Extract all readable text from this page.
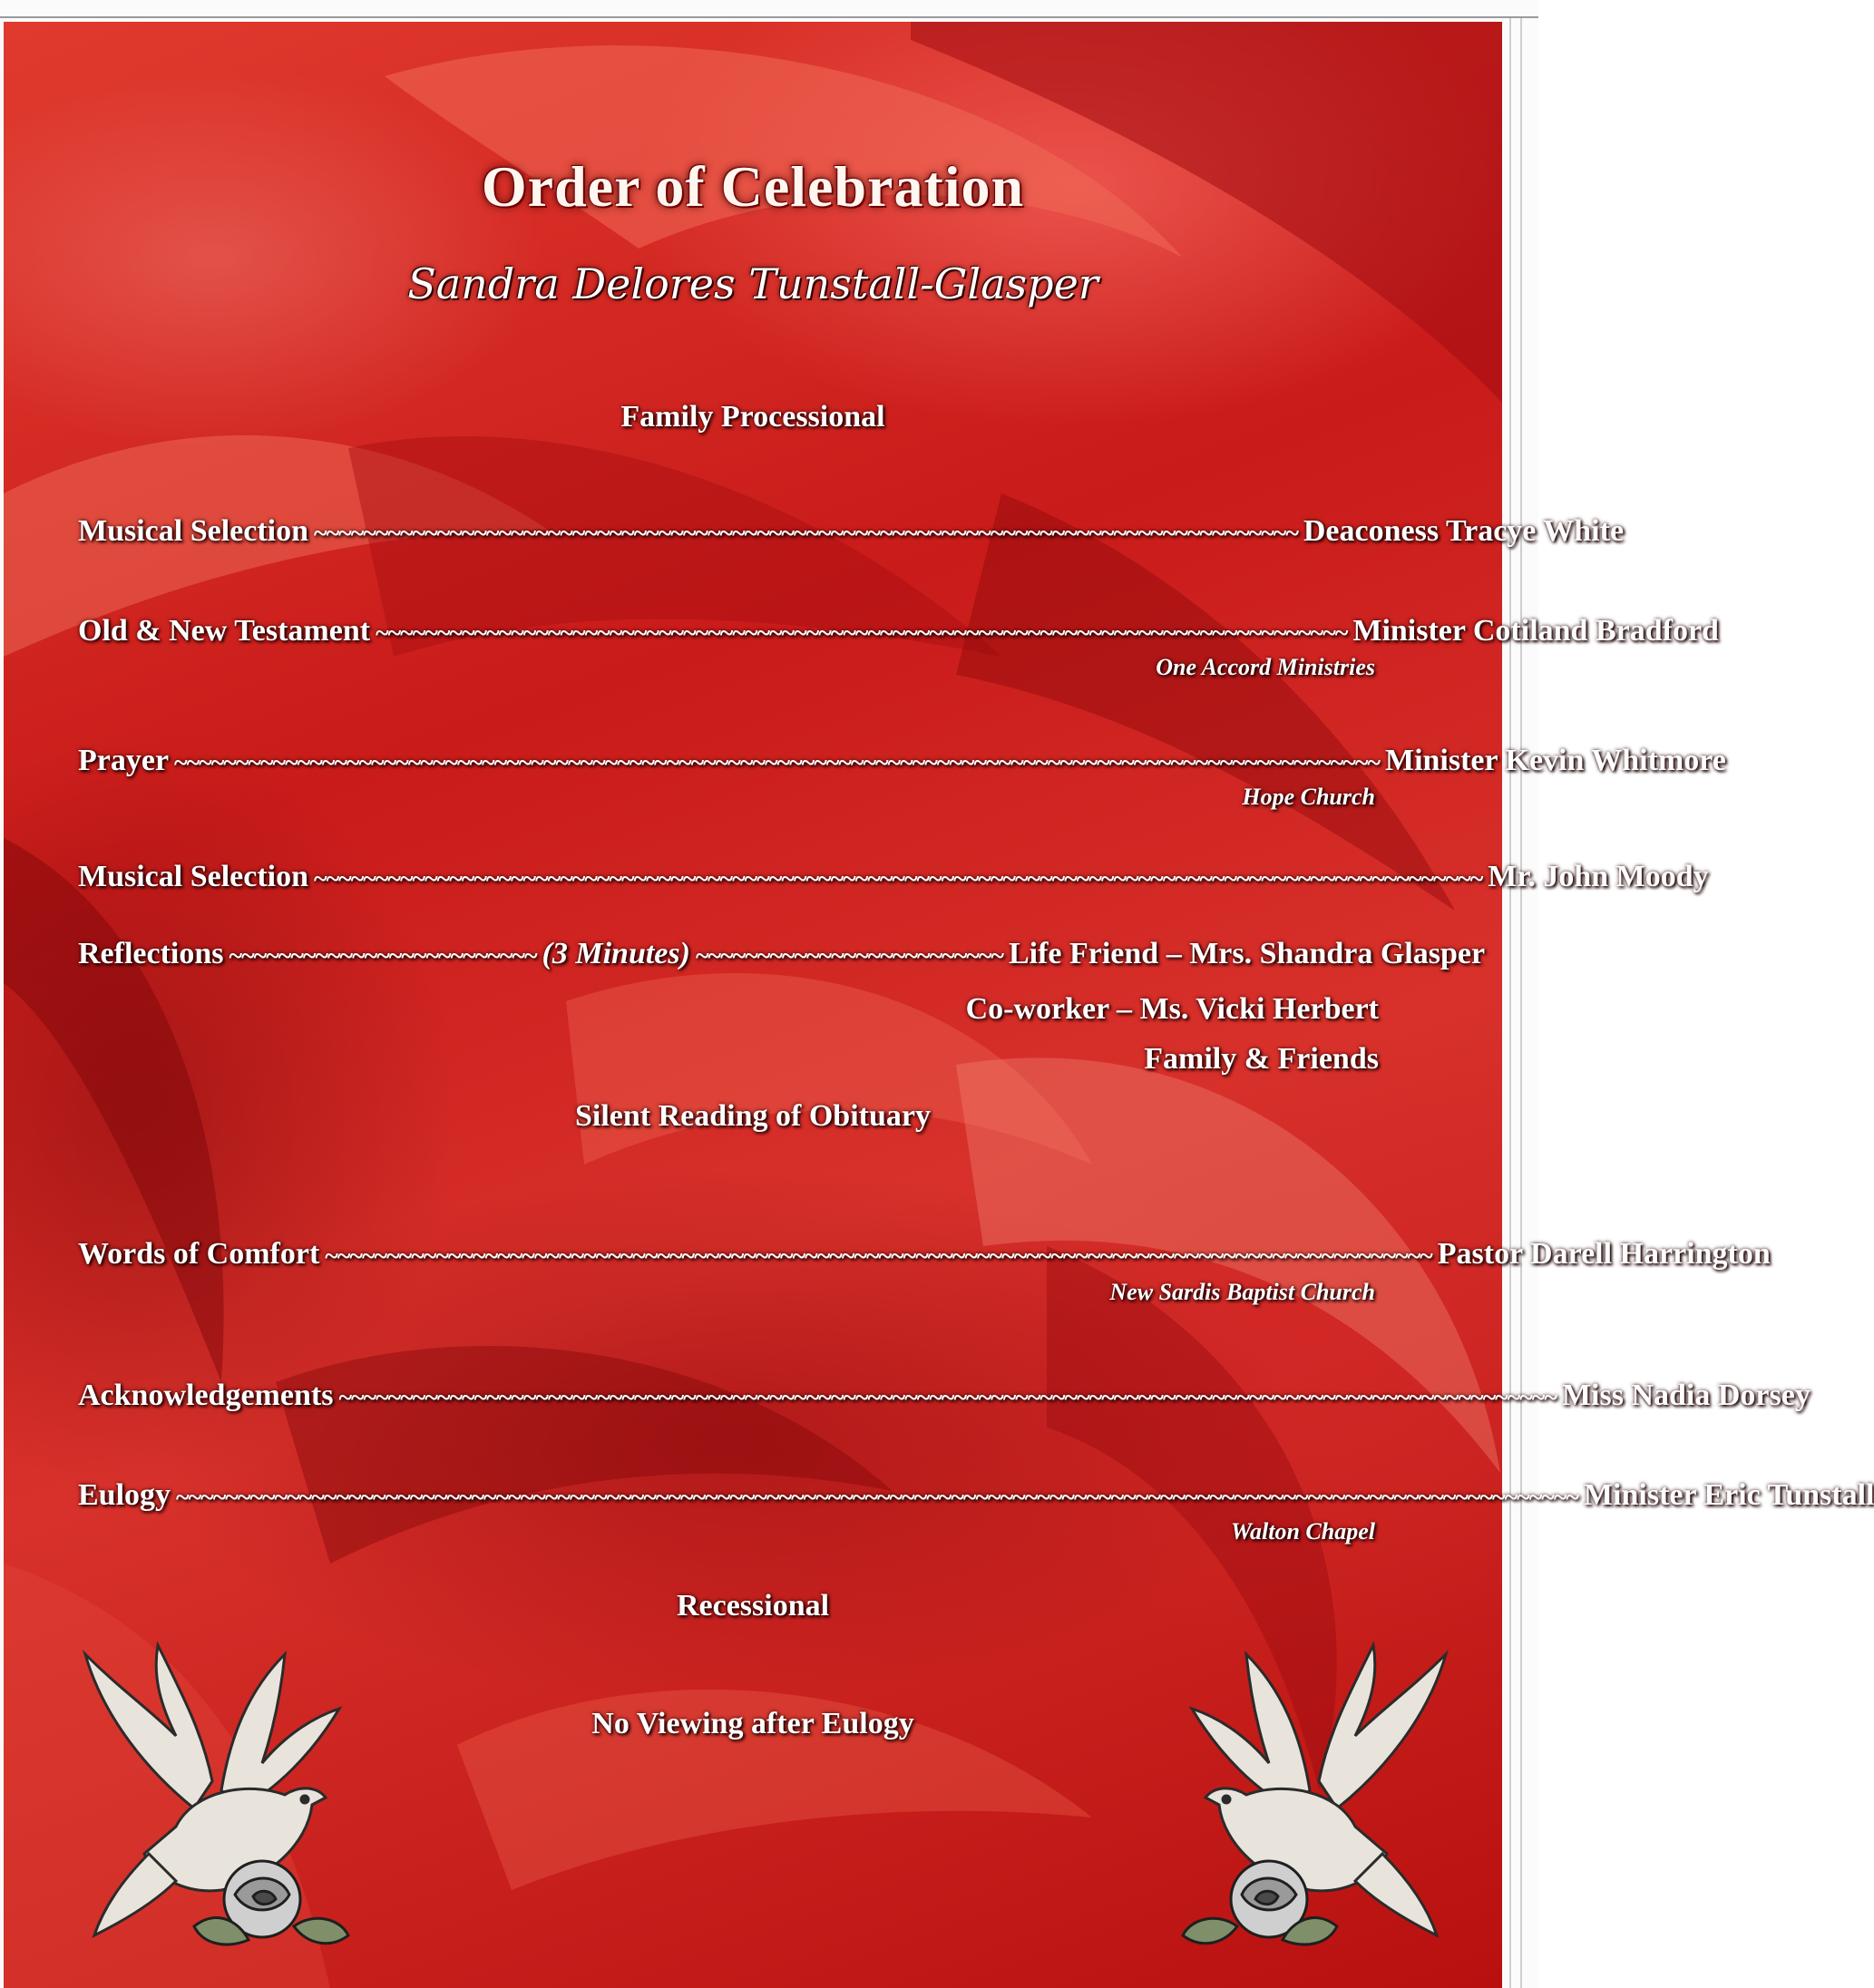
Order of Celebration
Sandra Delores Tunstall-Glasper
Family Processional
Musical Selection ~~~~~~~~~~~~~~~~~~~~~~~~~~~~~~~~~~~~~~~~~~~~~~~~~~~~~~~~~~~~~~~~~~~~~~~~~~~~~~~~ Deaconess Tracye White
Old & New Testament ~~~~~~~~~~~~~~~~~~~~~~~~~~~~~~~~~~~~~~~~~~~~~~~~~~~~~~~~~~~~~~~~~~~~~~~~~~~~~~~ Minister Cotiland Bradford
One Accord Ministries
Prayer ~~~~~~~~~~~~~~~~~~~~~~~~~~~~~~~~~~~~~~~~~~~~~~~~~~~~~~~~~~~~~~~~~~~~~~~~~~~~~~~~~~~~~~~~~~~~~~~~~~ Minister Kevin Whitmore
Hope Church
Musical Selection ~~~~~~~~~~~~~~~~~~~~~~~~~~~~~~~~~~~~~~~~~~~~~~~~~~~~~~~~~~~~~~~~~~~~~~~~~~~~~~~~~~~~~~~~~~~~~~~ Mr. John Moody
Reflections ~~~~~~~~~~~~~~~~~~~~~~~~~ (3 Minutes) ~~~~~~~~~~~~~~~~~~~~~~~~~ Life Friend – Mrs. Shandra Glasper
Co-worker – Ms. Vicki Herbert
Family & Friends
Silent Reading of Obituary
Words of Comfort ~~~~~~~~~~~~~~~~~~~~~~~~~~~~~~~~~~~~~~~~~~~~~~~~~~~~~~~~~~~~~~~~~~~~~~~~~~~~~~~~~~~~~~~~~~ Pastor Darell Harrington
New Sardis Baptist Church
Acknowledgements ~~~~~~~~~~~~~~~~~~~~~~~~~~~~~~~~~~~~~~~~~~~~~~~~~~~~~~~~~~~~~~~~~~~~~~~~~~~~~~~~~~~~~~~~~~~~~~~~~~~ Miss Nadia Dorsey
Eulogy ~~~~~~~~~~~~~~~~~~~~~~~~~~~~~~~~~~~~~~~~~~~~~~~~~~~~~~~~~~~~~~~~~~~~~~~~~~~~~~~~~~~~~~~~~~~~~~~~~~~~~~~~~~~~~~~~~~ Minister Eric Tunstall
Walton Chapel
Recessional
No Viewing after Eulogy
